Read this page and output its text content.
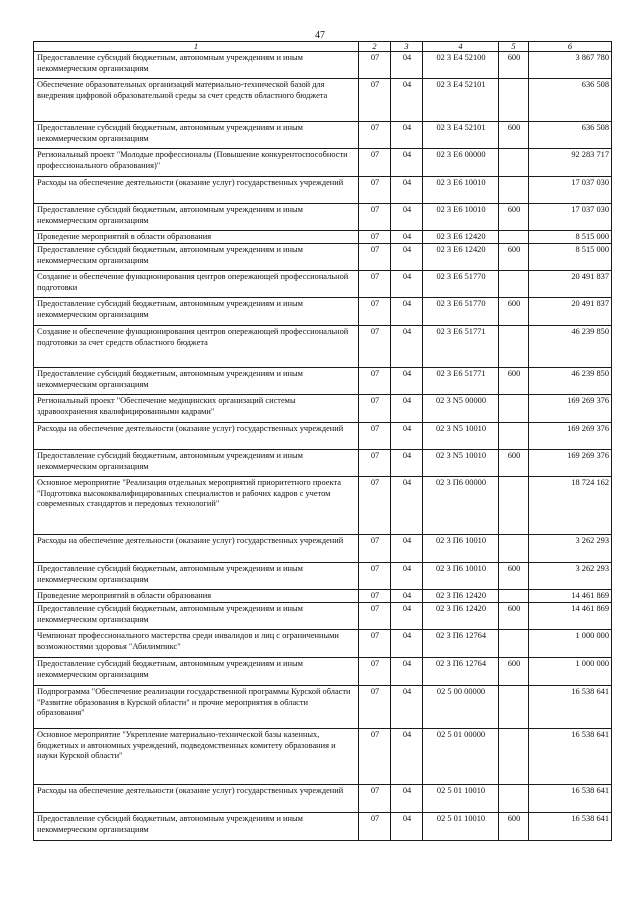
47
1	2	3	4	5	6
Предоставление субсидий бюджетным, автономным учреждениям и иным некоммерческим организациям	07	04	02 3 Е4 52100	600	3 867 780
Обеспечение образовательных организаций материально-технической базой для внедрения цифровой образовательной среды за счет средств областного бюджета	07	04	02 3 Е4 52101		636 508
Предоставление субсидий бюджетным, автономным учреждениям и иным некоммерческим организациям	07	04	02 3 Е4 52101	600	636 508
Региональный проект "Молодые профессионалы (Повышение конкурентоспособности профессионального образования)"	07	04	02 3 Е6 00000		92 283 717
Расходы на обеспечение деятельности (оказание услуг) государственных учреждений	07	04	02 3 Е6 10010		17 037 030
Предоставление субсидий бюджетным, автономным учреждениям и иным некоммерческим организациям	07	04	02 3 Е6 10010	600	17 037 030
Проведение мероприятий в области образования	07	04	02 3 Е6 12420		8 515 000
Предоставление субсидий бюджетным, автономным учреждениям и иным некоммерческим организациям	07	04	02 3 Е6 12420	600	8 515 000
Создание и обеспечение функционирования центров опережающей профессиональной подготовки	07	04	02 3 Е6 51770		20 491 837
Предоставление субсидий бюджетным, автономным учреждениям и иным некоммерческим организациям	07	04	02 3 Е6 51770	600	20 491 837
Создание и обеспечение функционирования центров опережающей профессиональной подготовки за счет средств областного бюджета	07	04	02 3 Е6 51771		46 239 850
Предоставление субсидий бюджетным, автономным учреждениям и иным некоммерческим организациям	07	04	02 3 Е6 51771	600	46 239 850
Региональный проект "Обеспечение медицинских организаций системы здравоохранения квалифицированными кадрами"	07	04	02 3 N5 00000		169 269 376
Расходы на обеспечение деятельности (оказание услуг) государственных учреждений	07	04	02 3 N5 10010		169 269 376
Предоставление субсидий бюджетным, автономным учреждениям и иным некоммерческим организациям	07	04	02 3 N5 10010	600	169 269 376
Основное мероприятие "Реализация отдельных мероприятий приоритетного проекта "Подготовка высококвалифицированных специалистов и рабочих кадров с учетом современных стандартов и передовых технологий"	07	04	02 3 П6 00000		18 724 162
Расходы на обеспечение деятельности (оказание услуг) государственных учреждений	07	04	02 3 П6 10010		3 262 293
Предоставление субсидий бюджетным, автономным учреждениям и иным некоммерческим организациям	07	04	02 3 П6 10010	600	3 262 293
Проведение мероприятий в области образования	07	04	02 3 П6 12420		14 461 869
Предоставление субсидий бюджетным, автономным учреждениям и иным некоммерческим организациям	07	04	02 3 П6 12420	600	14 461 869
Чемпионат профессионального мастерства среди инвалидов и лиц с ограниченными возможностями здоровья "Абилимпикс"	07	04	02 3 П6 12764		1 000 000
Предоставление субсидий бюджетным, автономным учреждениям и иным некоммерческим организациям	07	04	02 3 П6 12764	600	1 000 000
Подпрограмма "Обеспечение реализации государственной программы Курской области "Развитие образования в Курской области" и прочие мероприятия в области образования"	07	04	02 5 00 00000		16 538 641
Основное мероприятие "Укрепление материально-технической базы казенных, бюджетных и автономных учреждений, подведомственных комитету образования и науки Курской области"	07	04	02 5 01 00000		16 538 641
Расходы на обеспечение деятельности (оказание услуг) государственных учреждений	07	04	02 5 01 10010		16 538 641
Предоставление субсидий бюджетным, автономным учреждениям и иным некоммерческим организациям	07	04	02 5 01 10010	600	16 538 641
